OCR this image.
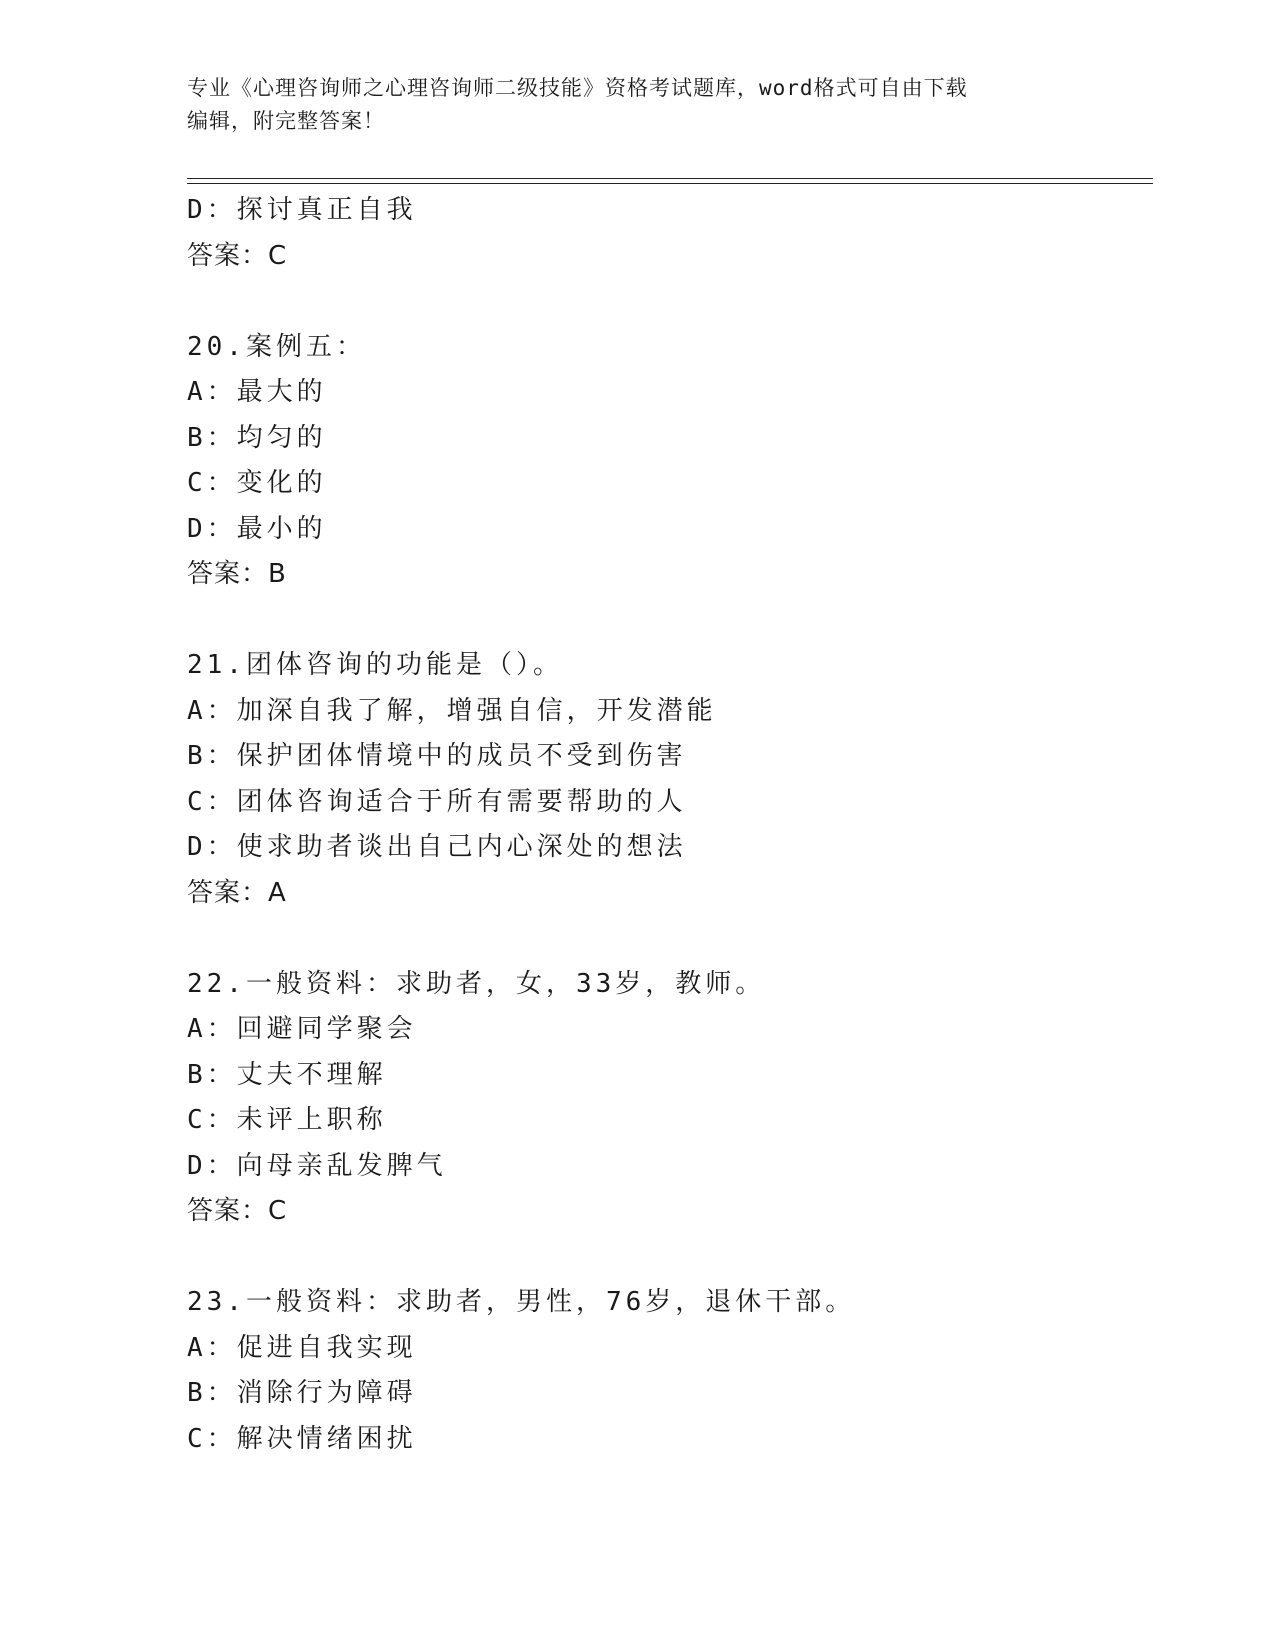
专业《心理咨询师之心理咨询师二级技能》资格考试题库，word格式可自由下载
编辑，附完整答案！
D：探讨真正自我
答案：C
20.案例五：
A：最大的
B：均匀的
C：变化的
D：最小的
答案：B
21.团体咨询的功能是（）。
A：加深自我了解，增强自信，开发潜能
B：保护团体情境中的成员不受到伤害
C：团体咨询适合于所有需要帮助的人
D：使求助者谈出自己内心深处的想法
答案：A
22.一般资料：求助者，女，33岁，教师。
A：回避同学聚会
B：丈夫不理解
C：未评上职称
D：向母亲乱发脾气
答案：C
23.一般资料：求助者，男性，76岁，退休干部。
A：促进自我实现
B：消除行为障碍
C：解决情绪困扰
